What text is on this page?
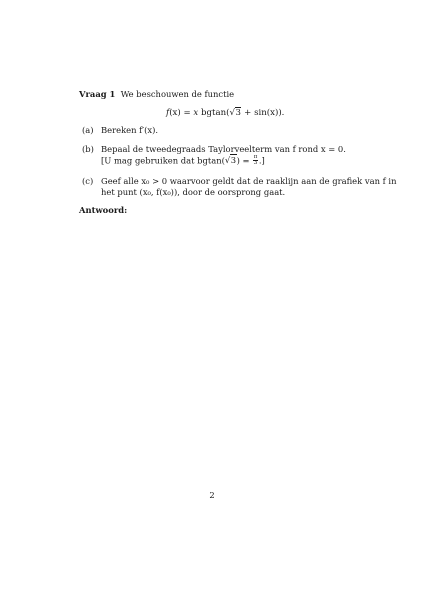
Vraag 1 We beschouwen de functie
f(x) = x bgtan(√3 + sin(x)).
(a) Bereken f′(x).
(b) Bepaal de tweedegraads Taylorveelterm van f rond x = 0.
[U mag gebruiken dat $bgtan(√3) = \frac{\pi}{3}$ .]
(c) Geef alle x₀ > 0 waarvoor geldt dat de raaklijn aan de grafiek van f in
het punt (x₀, f(x₀)), door de oorsprong gaat.
Antwoord:
2
